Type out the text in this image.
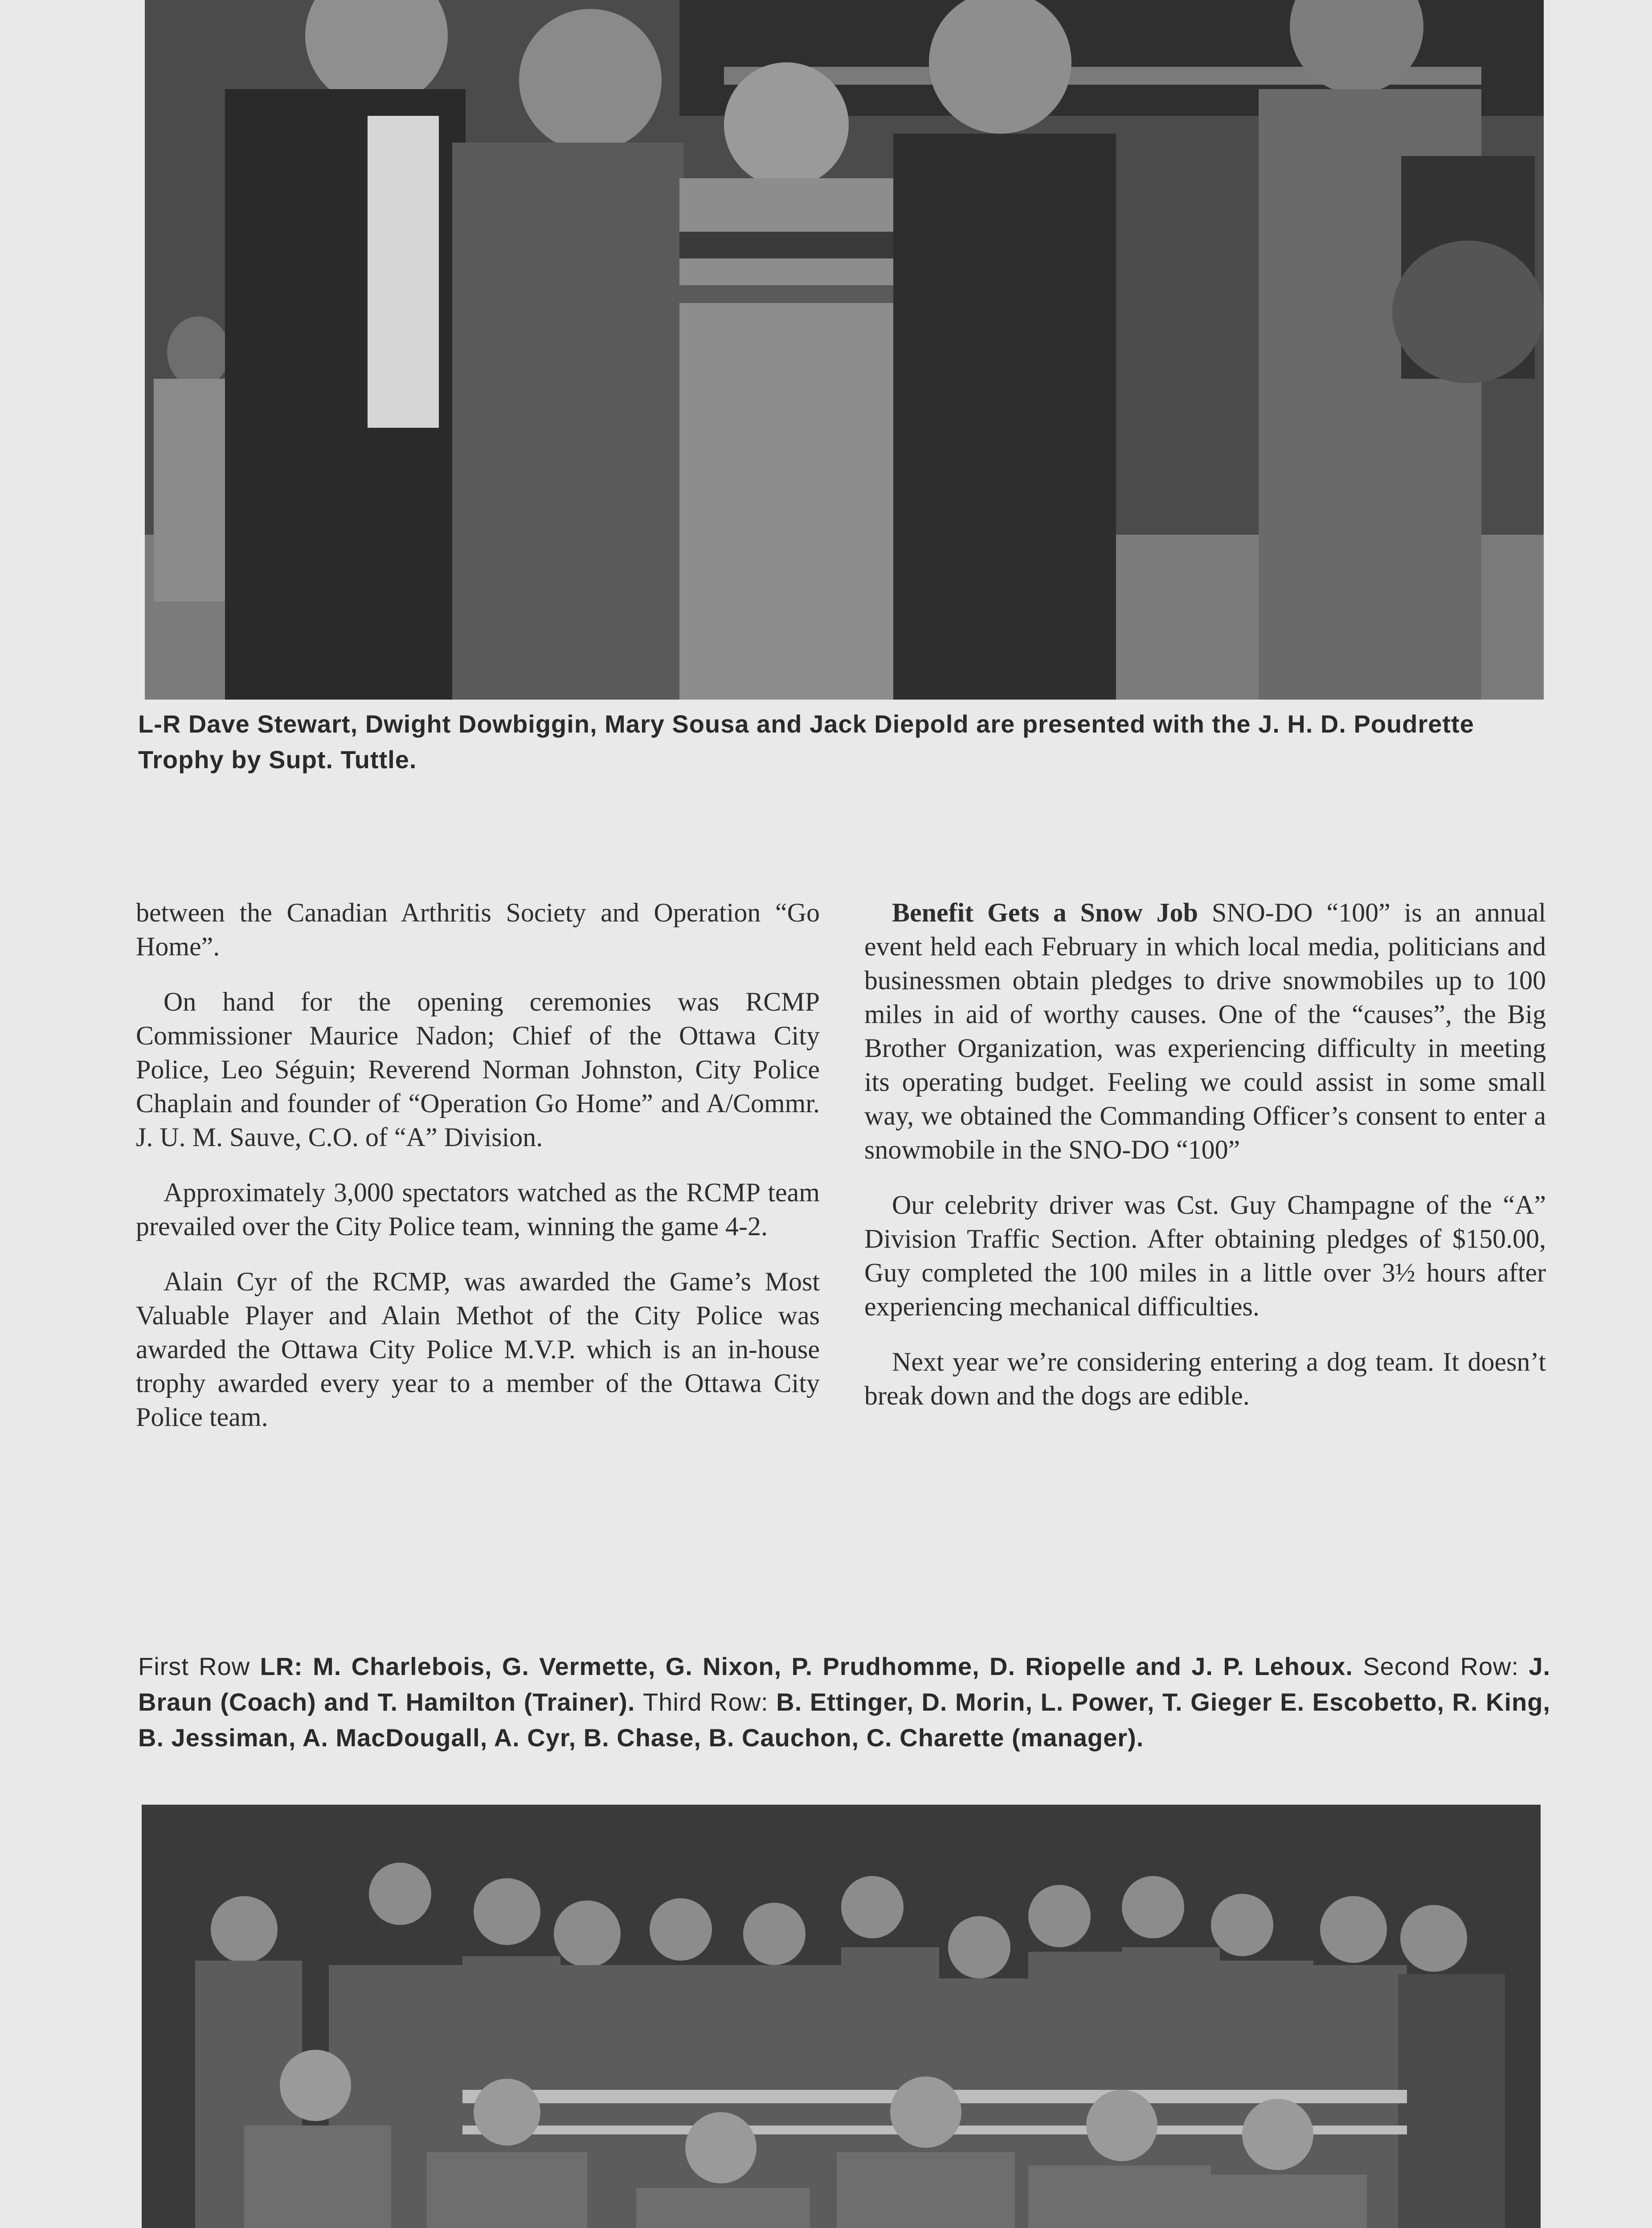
L-R Dave Stewart, Dwight Dowbiggin, Mary Sousa and Jack Diepold are presented with the J. H. D. Poudrette Trophy by Supt. Tuttle.

between the Canadian Arthritis Society and Operation “Go Home”.

On hand for the opening ceremonies was RCMP Commissioner Maurice Nadon; Chief of the Ottawa City Police, Leo Séguin; Reverend Norman Johnston, City Police Chaplain and founder of “Operation Go Home” and A/Commr. J. U. M. Sauve, C.O. of “A” Division.

Approximately 3,000 spectators watched as the RCMP team prevailed over the City Police team, winning the game 4-2.

Alain Cyr of the RCMP, was awarded the Game’s Most Valuable Player and Alain Methot of the City Police was awarded the Ottawa City Police M.V.P. which is an in-house trophy awarded every year to a member of the Ottawa City Police team.

Benefit Gets a Snow Job SNO-DO “100” is an annual event held each February in which local media, politicians and businessmen obtain pledges to drive snowmobiles up to 100 miles in aid of worthy causes. One of the “causes”, the Big Brother Organization, was experiencing difficulty in meeting its operating budget. Feeling we could assist in some small way, we obtained the Commanding Officer’s consent to enter a snowmobile in the SNO-DO “100”

Our celebrity driver was Cst. Guy Champagne of the “A” Division Traffic Section. After obtaining pledges of $150.00, Guy completed the 100 miles in a little over 3½ hours after experiencing mechanical difficulties.

Next year we’re considering entering a dog team. It doesn’t break down and the dogs are edible.

First Row LR: M. Charlebois, G. Vermette, G. Nixon, P. Prudhomme, D. Riopelle and J. P. Lehoux. Second Row: J. Braun (Coach) and T. Hamilton (Trainer). Third Row: B. Ettinger, D. Morin, L. Power, T. Gieger E. Escobetto, R. King, B. Jessiman, A. MacDougall, A. Cyr, B. Chase, B. Cauchon, C. Charette (manager).
